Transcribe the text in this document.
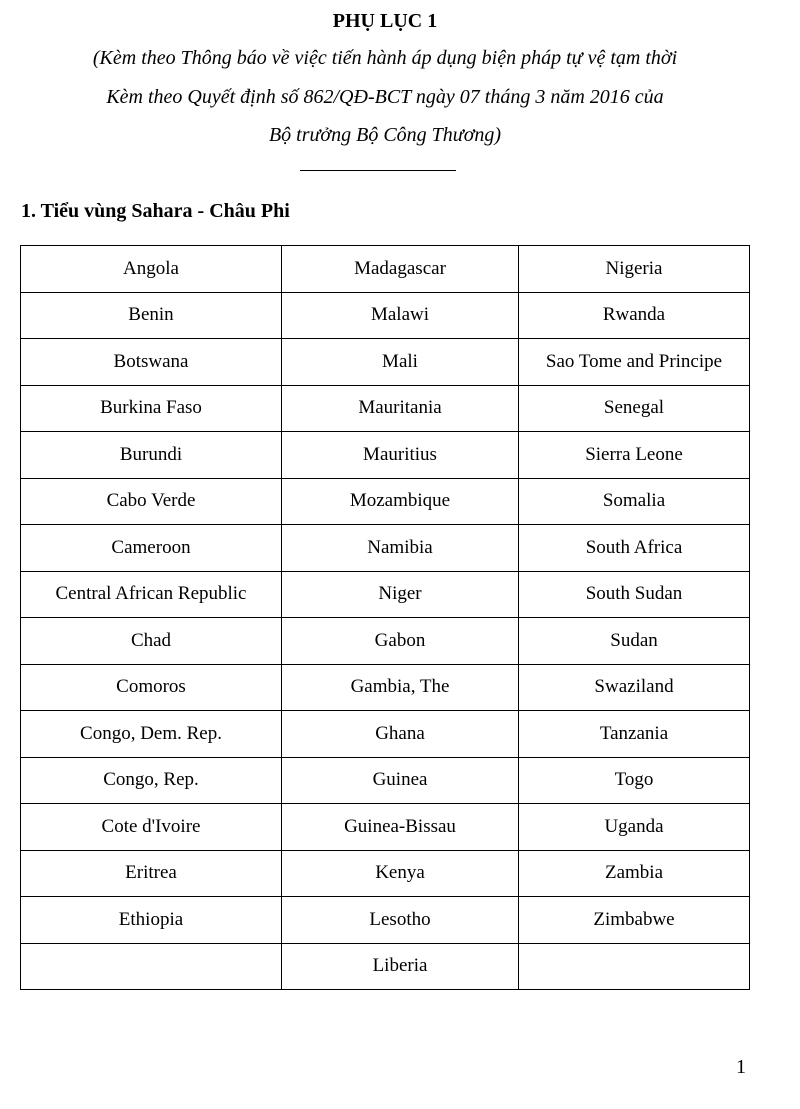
PHỤ LỤC 1
(Kèm theo Thông báo về việc tiến hành áp dụng biện pháp tự vệ tạm thời
Kèm theo Quyết định số 862/QĐ-BCT ngày 07 tháng 3 năm 2016 của
Bộ trưởng Bộ Công Thương)
1. Tiểu vùng Sahara - Châu Phi
Angola	Madagascar	Nigeria
Benin	Malawi	Rwanda
Botswana	Mali	Sao Tome and Principe
Burkina Faso	Mauritania	Senegal
Burundi	Mauritius	Sierra Leone
Cabo Verde	Mozambique	Somalia
Cameroon	Namibia	South Africa
Central African Republic	Niger	South Sudan
Chad	Gabon	Sudan
Comoros	Gambia, The	Swaziland
Congo, Dem. Rep.	Ghana	Tanzania
Congo, Rep.	Guinea	Togo
Cote d'Ivoire	Guinea-Bissau	Uganda
Eritrea	Kenya	Zambia
Ethiopia	Lesotho	Zimbabwe
	Liberia	
1
